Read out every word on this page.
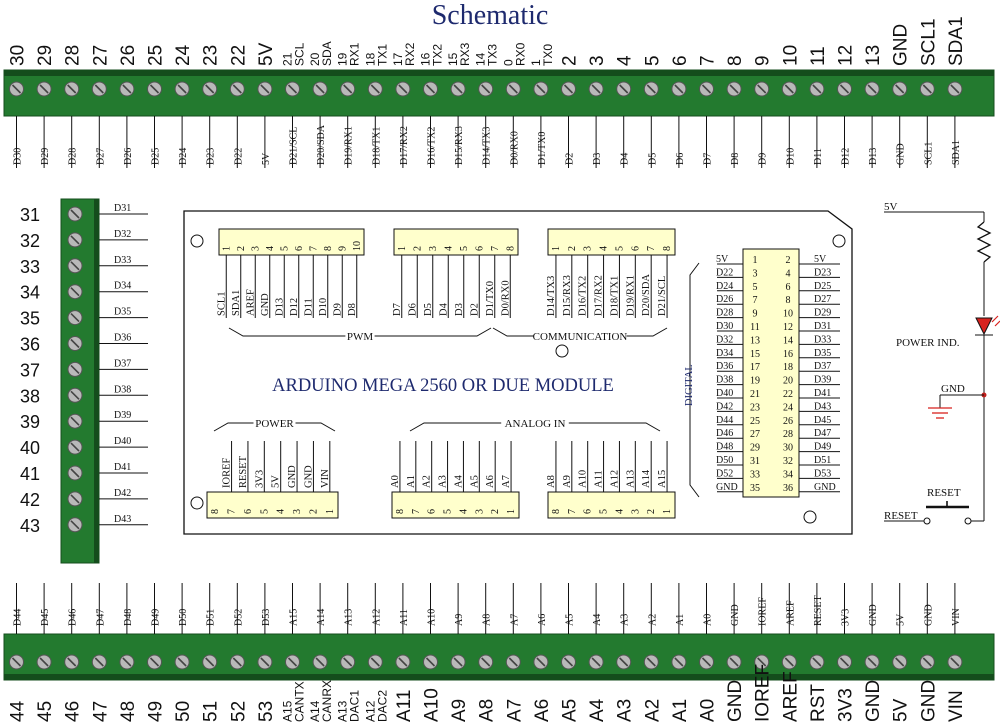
Schematic
D30
30
D29
29
D28
28
D27
27
D26
26
D25
25
D24
24
D23
23
D22
22
5V
5V
D21/SCL
21
SCL
D20/SDA
20
SDA
D19/RX1
19
RX1
D18/TX1
18
TX1
D17/RX2
17
RX2
D16/TX2
16
TX2
D15/RX3
15
RX3
D14/TX3
14
TX3
D0/RX0
0
RX0
D1/TX0
1
TX0
D2
2
D3
3
D4
4
D5
5
D6
6
D7
7
D8
8
D9
9
D10
10
D11
11
D12
12
D13
13
GND
GND
SCL1
SCL1
SDA1
SDA1
D31
31
D32
32
D33
33
D34
34
D35
35
D36
36
D37
37
D38
38
D39
39
D40
40
D41
41
D42
42
D43
43
D44
44
D45
45
D46
46
D47
47
D48
48
D49
49
D50
50
D51
51
D52
52
D53
53
A15
A15
CANTX
A14
A14
CANRX
A13
A13
DAC1
A12
A12
DAC2
A11
A11
A10
A10
A9
A9
A8
A8
A7
A7
A6
A6
A5
A5
A4
A4
A3
A3
A2
A2
A1
A1
A0
A0
GND
GND
IOREF
IOREF
AREF
AREF
RESET
RST
3V3
3V3
GND
GND
5V
5V
GND
GND
VIN
VIN
ARDUINO MEGA 2560 OR DUE MODULE
1 2 3 4 5 6 7 8 9 10
SCL1 SDA1 AREF GND D13 D12 D11 D10 D9 D8
1 2 3 4 5 6 7 8
D7 D6 D5 D4 D3 D2 D1/TX0 D0/RX0
PWM
1 2 3 4 5 6 7 8
D14/TX3 D15/RX3 D16/TX2 D17/RX2 D18/TX1 D19/RX1 D20/SDA D21/SCL
COMMUNICATION
8 7 6 5 4 3 2 1
IOREF RESET 3V3 5V GND GND VIN
POWER
8 7 6 5 4 3 2 1
A0 A1 A2 A3 A4 A5 A6 A7
8 7 6 5 4 3 2 1
A8 A9 A10 A11 A12 A13 A14 A15
ANALOG IN
1	2
5V	5V
3	4
D22	D23
5	6
D24	D25
7	8
D26	D27
9	10
D28	D29
11 12
D30	D31
13 14
D32	D33
15 16
D34	D35
17 18
D36	D37
19 20
D38	D39
21 22
D40	D41
23 24
D42	D43
25 26
D44	D45
27 28
D46	D47
29 30
D48	D49
31 32
D50	D51
33 34
D52	D53
35 36
GND	GND
DIGITAL
5V
POWER IND.
GND
RESET
RESET
